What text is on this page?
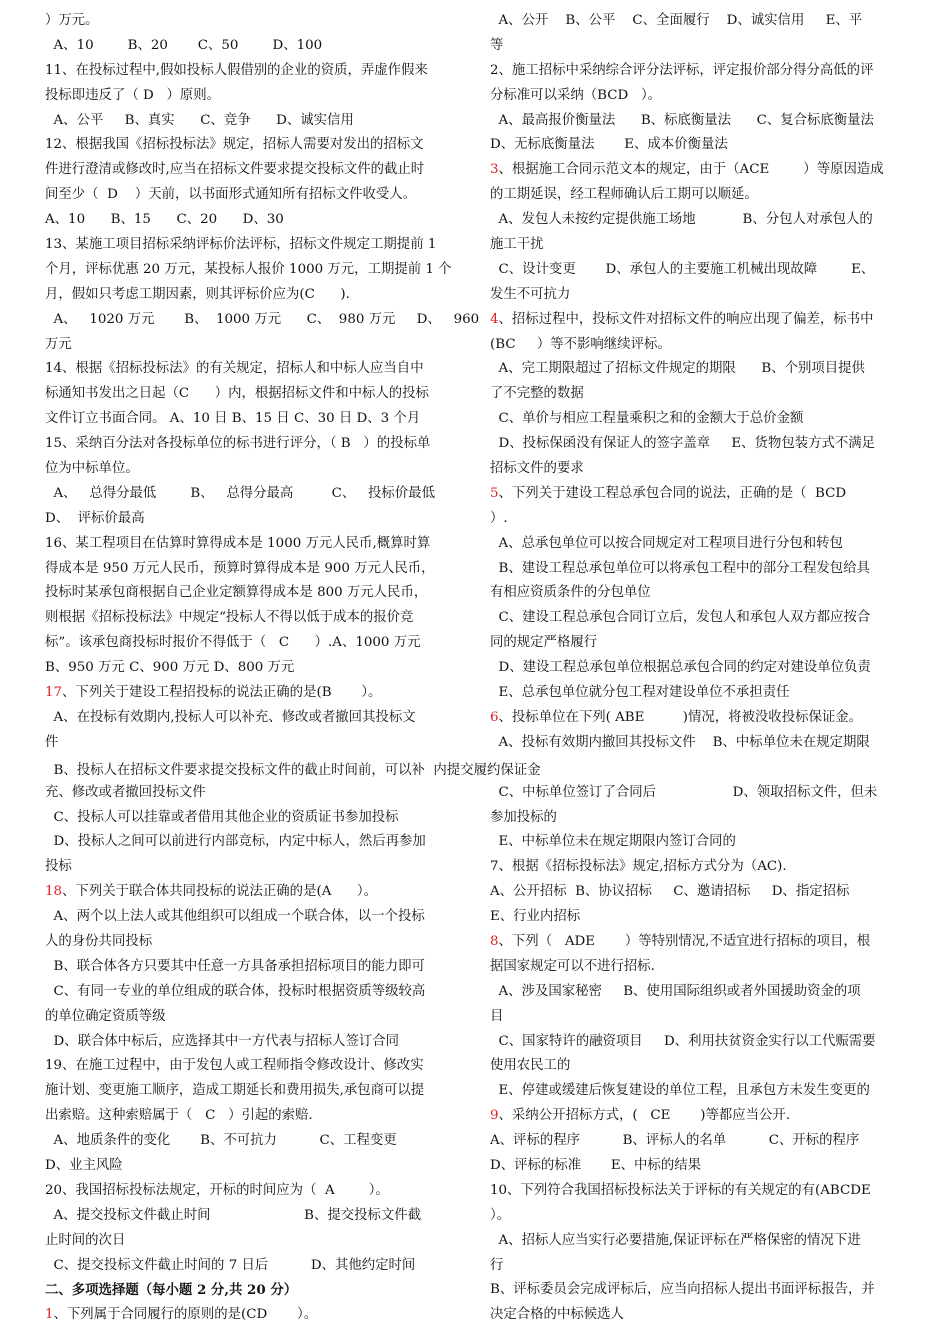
）万元。
A、10        B、20       C、50        D、100
11、在投标过程中,假如投标人假借别的企业的资质，弄虚作假来
投标即违反了（ D   ）原则。
A、公平     B、真实      C、竞争      D、诚实信用
12、根据我国《招标投标法》规定，招标人需要对发出的招标文
件进行澄清或修改时,应当在招标文件要求提交投标文件的截止时
间至少（  D    ）天前，以书面形式通知所有招标文件收受人。
A、10      B、15      C、20      D、30
13、某施工项目招标采纳评标价法评标，招标文件规定工期提前 1
个月，评标优惠 20 万元，某投标人报价 1000 万元，工期提前 1 个
月，假如只考虑工期因素，则其评标价应为(C      ).
A、   1020 万元       B、  1000 万元      C、  980 万元     D、   960
万元
14、根据《招标投标法》的有关规定，招标人和中标人应当自中
标通知书发出之日起（C      ）内，根据招标文件和中标人的投标
文件订立书面合同。 A、10 日 B、15 日 C、30 日 D、3 个月
15、采纳百分法对各投标单位的标书进行评分，（ B   ）的投标单
位为中标单位。
A、   总得分最低        B、   总得分最高         C、   投标价最低
D、  评标价最高
16、某工程项目在估算时算得成本是 1000 万元人民币,概算时算
得成本是 950 万元人民币，预算时算得成本是 900 万元人民币，
投标时某承包商根据自己企业定额算得成本是 800 万元人民币，
则根据《招标投标法》中规定“投标人不得以低于成本的报价竞
标”。该承包商投标时报价不得低于（   C      ）.A、1000 万元
B、950 万元 C、900 万元 D、800 万元
17、下列关于建设工程招投标的说法正确的是(B       ）。
A、在投标有效期内,投标人可以补充、修改或者撤回其投标文
件
充、修改或者撤回投标文件
C、投标人可以挂靠或者借用其他企业的资质证书参加投标
D、投标人之间可以前进行内部竞标，内定中标人，然后再参加
投标
18、下列关于联合体共同投标的说法正确的是(A      ）。
A、两个以上法人或其他组织可以组成一个联合体，以一个投标
人的身份共同投标
B、联合体各方只要其中任意一方具备承担招标项目的能力即可
C、有同一专业的单位组成的联合体，投标时根据资质等级较高
的单位确定资质等级
D、联合体中标后，应选择其中一方代表与招标人签订合同
19、在施工过程中，由于发包人或工程师指令修改设计、修改实
施计划、变更施工顺序，造成工期延长和费用损失,承包商可以提
出索赔。这种索赔属于（   C   ）引起的索赔.
A、地质条件的变化       B、不可抗力          C、工程变更
D、业主风险
20、我国招标投标法规定，开标的时间应为（  A        ）。
A、提交投标文件截止时间                      B、提交投标文件截
止时间的次日
C、提交投标文件截止时间的 7 日后          D、其他约定时间
二、多项选择题（每小题 2 分,共 20 分）
1、下列属于合同履行的原则的是(CD       ）。
B、投标人在招标文件要求提交投标文件的截止时间前，可以补  内提交履约保证金
A、公开    B、公平    C、全面履行    D、诚实信用     E、平
等
2、施工招标中采纳综合评分法评标，评定报价部分得分高低的评
分标准可以采纳（BCD   ）。
A、最高报价衡量法      B、标底衡量法      C、复合标底衡量法
D、无标底衡量法       E、成本价衡量法
3、根据施工合同示范文本的规定，由于（ACE        ）等原因造成
的工期延误，经工程师确认后工期可以顺延。
A、发包人未按约定提供施工场地           B、分包人对承包人的
施工干扰
C、设计变更       D、承包人的主要施工机械出现故障        E、
发生不可抗力
4、招标过程中，投标文件对招标文件的响应出现了偏差，标书中
(BC     ）等不影响继续评标。
A、完工期限超过了招标文件规定的期限      B、个别项目提供
了不完整的数据
C、单价与相应工程量乘积之和的金额大于总价金额
D、投标保函没有保证人的签字盖章     E、货物包装方式不满足
招标文件的要求
5、下列关于建设工程总承包合同的说法，正确的是（  BCD
）.
A、总承包单位可以按合同规定对工程项目进行分包和转包
B、建设工程总承包单位可以将承包工程中的部分工程发包给具
有相应资质条件的分包单位
C、建设工程总承包合同订立后，发包人和承包人双方都应按合
同的规定严格履行
D、建设工程总承包单位根据总承包合同的约定对建设单位负责
E、总承包单位就分包工程对建设单位不承担责任
6、投标单位在下列( ABE         )情况，将被没收投标保证金。
A、投标有效期内撤回其投标文件    B、中标单位未在规定期限
C、中标单位签订了合同后                  D、领取招标文件，但未
参加投标的
E、中标单位未在规定期限内签订合同的
7、根据《招标投标法》规定,招标方式分为（AC).
A、公开招标  B、协议招标     C、邀请招标     D、指定招标
E、行业内招标
8、下列（   ADE       ）等特别情况,不适宜进行招标的项目，根
据国家规定可以不进行招标.
A、涉及国家秘密     B、使用国际组织或者外国援助资金的项
目
C、国家特许的融资项目     D、利用扶贫资金实行以工代赈需要
使用农民工的
E、停建或缓建后恢复建设的单位工程，且承包方未发生变更的
9、采纳公开招标方式，(   CE       )等都应当公开.
A、评标的程序          B、评标人的名单          C、开标的程序
D、评标的标准       E、中标的结果
10、下列符合我国招标投标法关于评标的有关规定的有(ABCDE
）。
A、招标人应当实行必要措施,保证评标在严格保密的情况下进
行
B、评标委员会完成评标后，应当向招标人提出书面评标报告，并
决定合格的中标候选人
